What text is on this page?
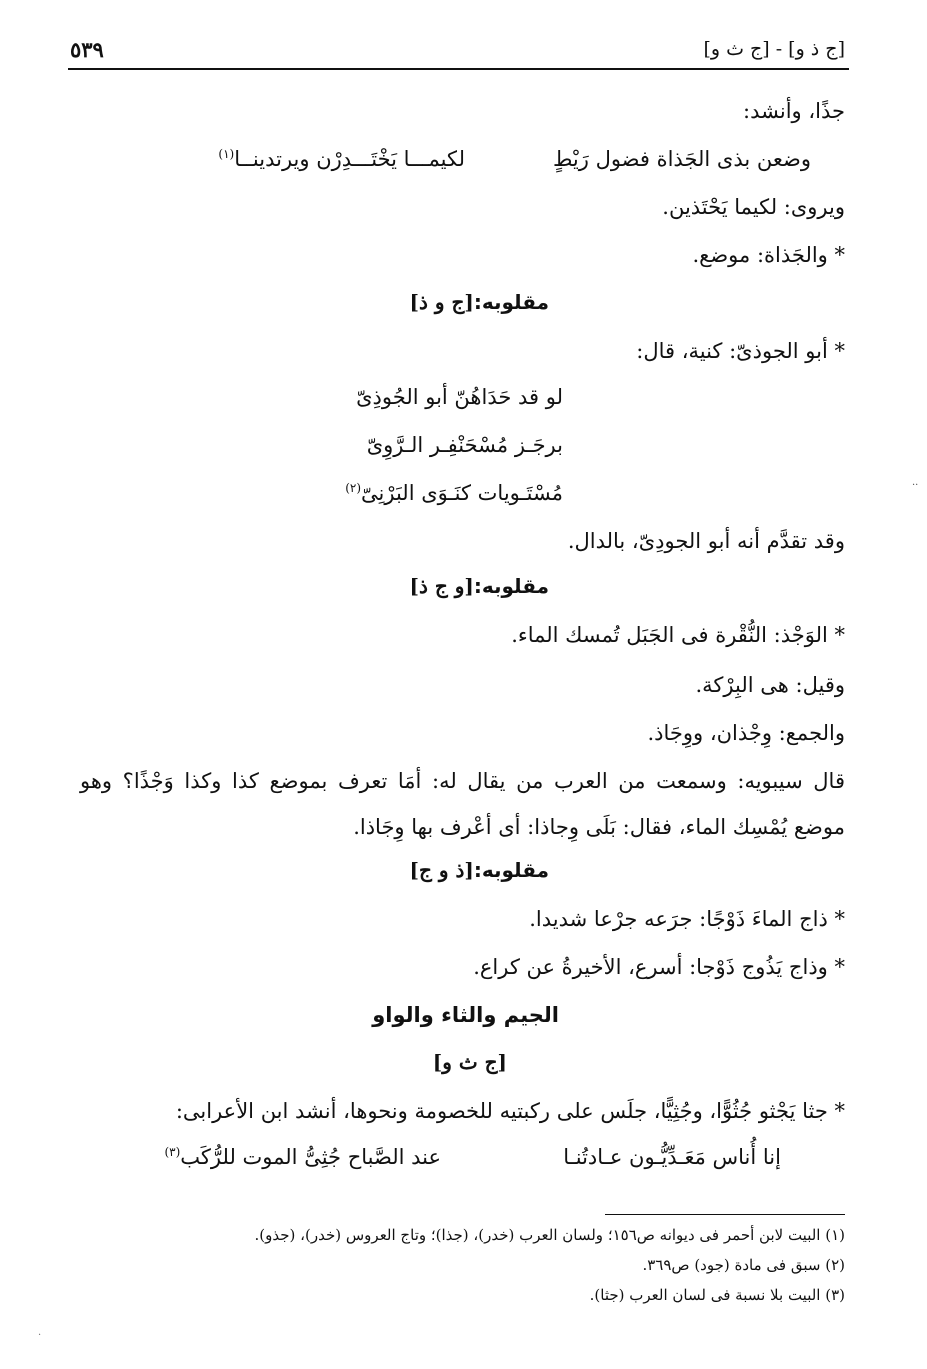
[ج ذ و] - [ج ث و]
٥٣٩
جذًا، وأنشد:
وضعن بذى الجَذاة فضول رَيْطٍ
لكيمـــا يَخْتَـــدِرْن ويرتدينــا$^{(١)}$
ويروى: لكيما يَحْتَذين.
* والجَذاة: موضع.
مقلوبه:[ج و ذ]
* أبو الجوذىّ: كنية، قال:
لو قد حَدَاهُنّ أبو الجُوذِىّ
برجَـز مُسْحَنْفِـر الـرَّوِىّ
مُسْتَـويات كنَـوَى البَرْنِىّ$^{(٢)}$
وقد تقدَّم أنه أبو الجودِىّ، بالدال.
مقلوبه:[و ج ذ]
* الوَجْذ: النُّقْرة فى الجَبَل تُمسك الماء.
وقيل: هى البِرْكة.
والجمع: وِجْذان، ووِجَاذ.
قال سيبويه: وسمعت من العرب من يقال له: أمَا تعرف بموضع كذا وكذا وَجْذًا؟ وهو
موضع يُمْسِك الماء، فقال: بَلَى وِجاذا: أى أعْرف بها وِجَاذا.
مقلوبه:[ذ و ج]
* ذاج الماءَ ذَوْجًا: جرَعه جرْعا شديدا.
* وذاج يَذُوج ذَوْجا: أسرع، الأخيرةُ عن كراع.
الجيم والثاء والواو
[ج ث و]
* جثا يَجْثو جُثُوًّا، وجُثِيًّا، جلَس على ركبتيه للخصومة ونحوها، أنشد ابن الأعرابى:
إنا أُناس مَعَـدِّيُّـون عـادتُنـا
عند الصَّباح جُثِىُّ الموت للرُّكَب$^{(٣)}$
(١) البيت لابن أحمر فى ديوانه ص١٥٦؛ ولسان العرب (خدر)، (جذا)؛ وتاج العروس (خدر)، (جذو).
(٢) سبق فى مادة (جود) ص٣٦٩.
(٣) البيت بلا نسبة فى لسان العرب (جثا).
··
·
